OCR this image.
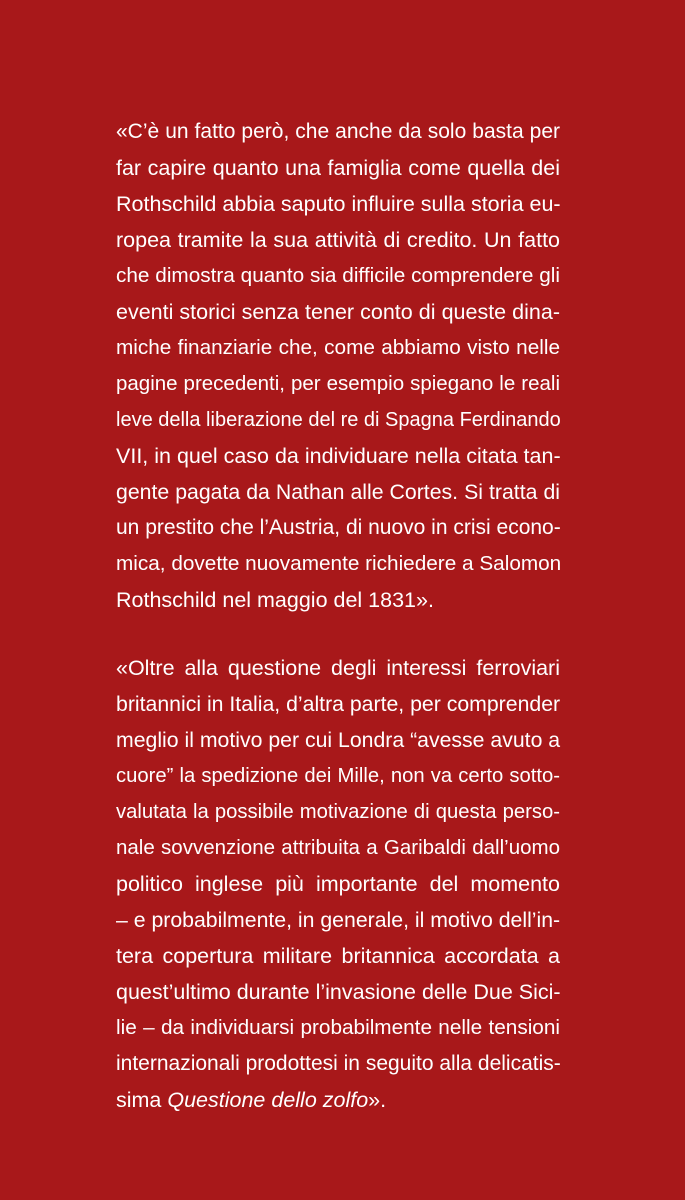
«C’è un fatto però, che anche da solo basta per
far capire quanto una famiglia come quella dei
Rothschild abbia saputo influire sulla storia eu-
ropea tramite la sua attività di credito. Un fatto
che dimostra quanto sia difficile comprendere gli
eventi storici senza tener conto di queste dina-
miche finanziarie che, come abbiamo visto nelle
pagine precedenti, per esempio spiegano le reali
leve della liberazione del re di Spagna Ferdinando
VII, in quel caso da individuare nella citata tan-
gente pagata da Nathan alle Cortes. Si tratta di
un prestito che l’Austria, di nuovo in crisi econo-
mica, dovette nuovamente richiedere a Salomon
Rothschild nel maggio del 1831».
«Oltre alla questione degli interessi ferroviari
britannici in Italia, d’altra parte, per comprender
meglio il motivo per cui Londra “avesse avuto a
cuore” la spedizione dei Mille, non va certo sotto-
valutata la possibile motivazione di questa perso-
nale sovvenzione attribuita a Garibaldi dall’uomo
politico inglese più importante del momento
– e probabilmente, in generale, il motivo dell’in-
tera copertura militare britannica accordata a
quest’ultimo durante l’invasione delle Due Sici-
lie – da individuarsi probabilmente nelle tensioni
internazionali prodottesi in seguito alla delicatis-
sima Questione dello zolfo».
